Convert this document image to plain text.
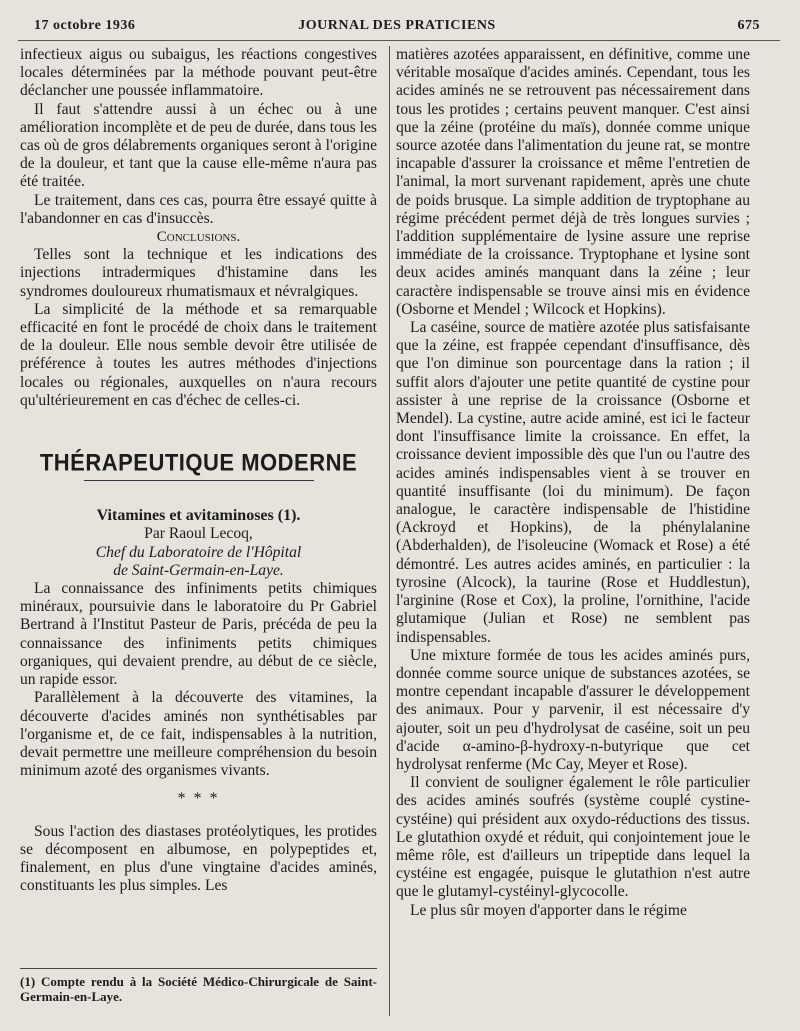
17 octobre 1936	JOURNAL DES PRATICIENS	675

infectieux aigus ou subaigus, les réactions congestives locales déterminées par la méthode pouvant peut-être déclancher une poussée inflammatoire.

Il faut s'attendre aussi à un échec ou à une amélioration incomplète et de peu de durée, dans tous les cas où de gros délabrements organiques seront à l'origine de la douleur, et tant que la cause elle-même n'aura pas été traitée.

Le traitement, dans ces cas, pourra être essayé quitte à l'abandonner en cas d'insuccès.

Conclusions.

Telles sont la technique et les indications des injections intradermiques d'histamine dans les syndromes douloureux rhumatismaux et névralgiques.

La simplicité de la méthode et sa remarquable efficacité en font le procédé de choix dans le traitement de la douleur. Elle nous semble devoir être utilisée de préférence à toutes les autres méthodes d'injections locales ou régionales, auxquelles on n'aura recours qu'ultérieurement en cas d'échec de celles-ci.

THÉRAPEUTIQUE MODERNE

Vitamines et avitaminoses (1).

Par Raoul Lecoq,

Chef du Laboratoire de l'Hôpital

de Saint-Germain-en-Laye.

La connaissance des infiniments petits chimiques minéraux, poursuivie dans le laboratoire du Pr Gabriel Bertrand à l'Institut Pasteur de Paris, précéda de peu la connaissance des infiniments petits chimiques organiques, qui devaient prendre, au début de ce siècle, un rapide essor.

Parallèlement à la découverte des vitamines, la découverte d'acides aminés non synthétisables par l'organisme et, de ce fait, indispensables à la nutrition, devait permettre une meilleure compréhension du besoin minimum azoté des organismes vivants.

* * *

Sous l'action des diastases protéolytiques, les protides se décomposent en albumose, en polypeptides et, finalement, en plus d'une vingtaine d'acides aminés, constituants les plus simples. Les

(1) Compte rendu à la Société Médico-Chirurgicale de Saint-Germain-en-Laye.

matières azotées apparaissent, en définitive, comme une véritable mosaïque d'acides aminés. Cependant, tous les acides aminés ne se retrouvent pas nécessairement dans tous les protides ; certains peuvent manquer. C'est ainsi que la zéine (protéine du maïs), donnée comme unique source azotée dans l'alimentation du jeune rat, se montre incapable d'assurer la croissance et même l'entretien de l'animal, la mort survenant rapidement, après une chute de poids brusque. La simple addition de tryptophane au régime précédent permet déjà de très longues survies ; l'addition supplémentaire de lysine assure une reprise immédiate de la croissance. Tryptophane et lysine sont deux acides aminés manquant dans la zéine ; leur caractère indispensable se trouve ainsi mis en évidence (Osborne et Mendel ; Wilcock et Hopkins).

La caséine, source de matière azotée plus satisfaisante que la zéine, est frappée cependant d'insuffisance, dès que l'on diminue son pourcentage dans la ration ; il suffit alors d'ajouter une petite quantité de cystine pour assister à une reprise de la croissance (Osborne et Mendel). La cystine, autre acide aminé, est ici le facteur dont l'insuffisance limite la croissance. En effet, la croissance devient impossible dès que l'un ou l'autre des acides aminés indispensables vient à se trouver en quantité insuffisante (loi du minimum). De façon analogue, le caractère indispensable de l'histidine (Ackroyd et Hopkins), de la phénylalanine (Abderhalden), de l'isoleucine (Womack et Rose) a été démontré. Les autres acides aminés, en particulier : la tyrosine (Alcock), la taurine (Rose et Huddlestun), l'arginine (Rose et Cox), la proline, l'ornithine, l'acide glutamique (Julian et Rose) ne semblent pas indispensables.

Une mixture formée de tous les acides aminés purs, donnée comme source unique de substances azotées, se montre cependant incapable d'assurer le développement des animaux. Pour y parvenir, il est nécessaire d'y ajouter, soit un peu d'hydrolysat de caséine, soit un peu d'acide α-amino-β-hydroxy-n-butyrique que cet hydrolysat renferme (Mc Cay, Meyer et Rose).

Il convient de souligner également le rôle particulier des acides aminés soufrés (système couplé cystine-cystéine) qui président aux oxydo-réductions des tissus. Le glutathion oxydé et réduit, qui conjointement joue le même rôle, est d'ailleurs un tripeptide dans lequel la cystéine est engagée, puisque le glutathion n'est autre que le glutamyl-cystéinyl-glycocolle.

Le plus sûr moyen d'apporter dans le régime
